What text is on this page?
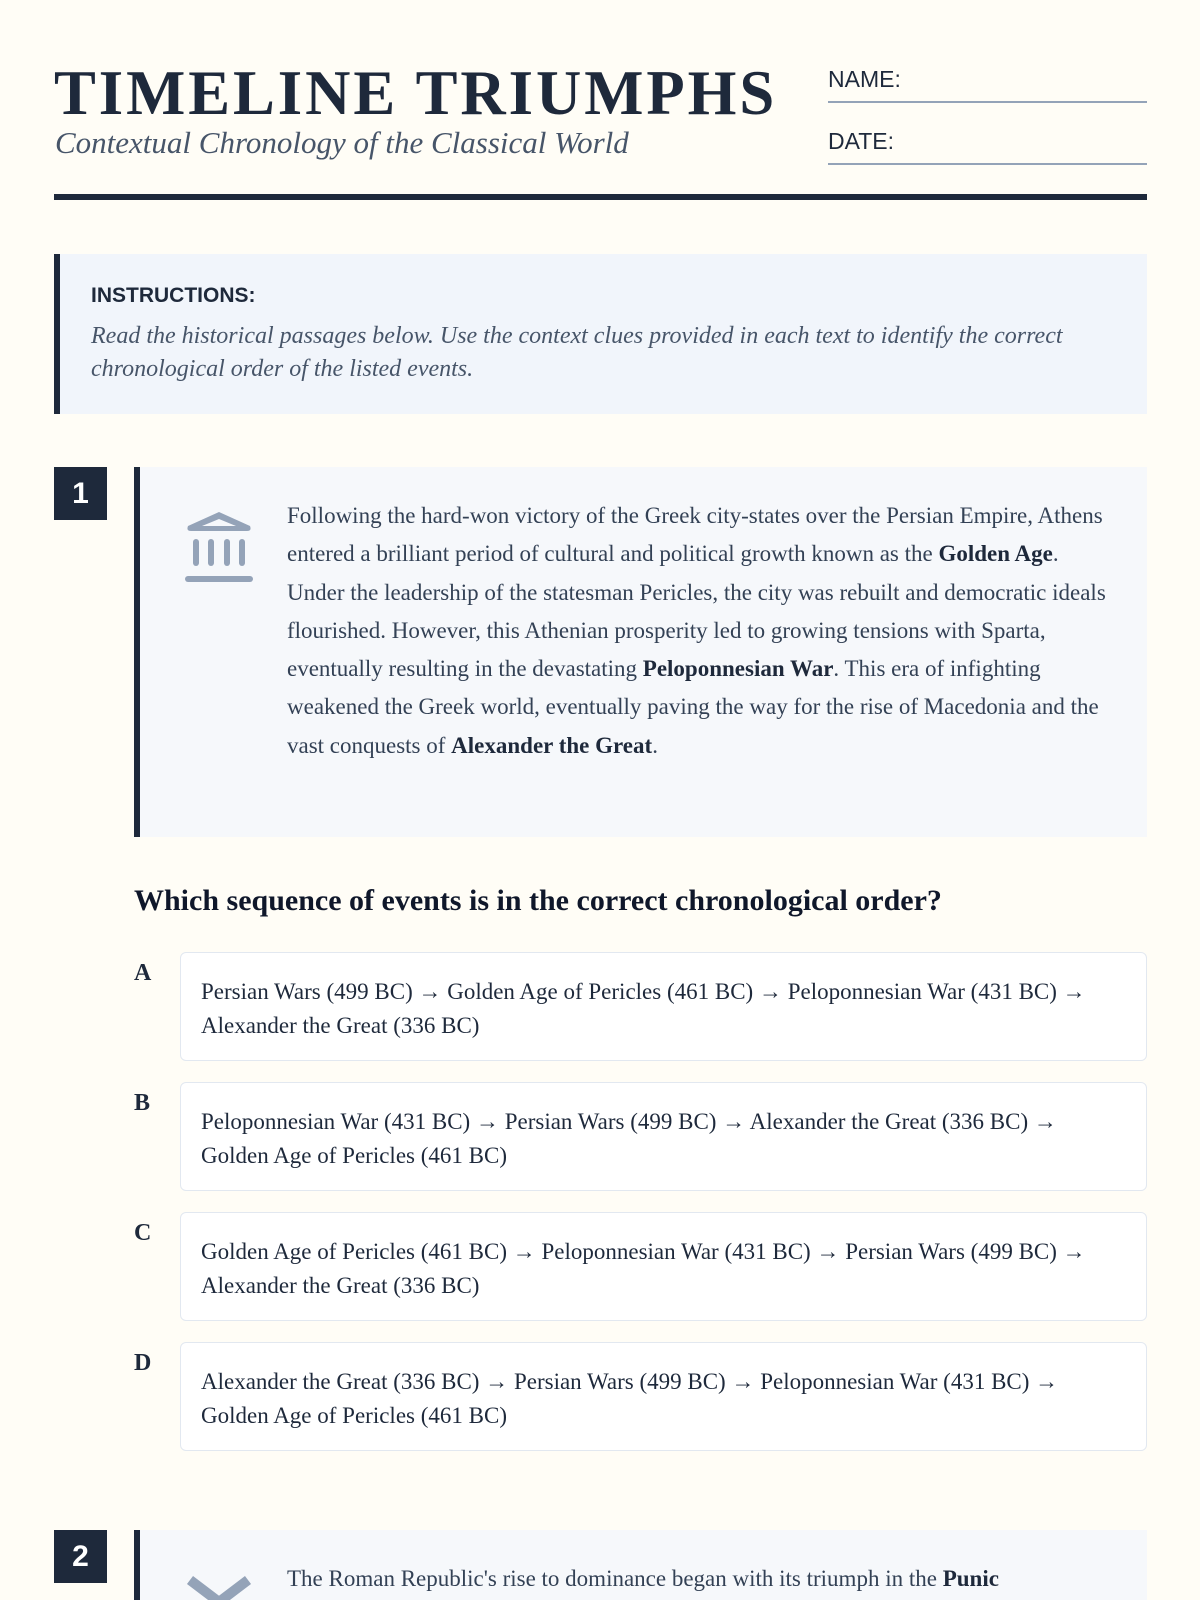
TIMELINE TRIUMPHS
Contextual Chronology of the Classical World
NAME:
DATE:
INSTRUCTIONS:

Read the historical passages below. Use the context clues provided in each text to identify the correct chronological order of the listed events.

1

Following the hard-won victory of the Greek city-states over the Persian Empire, Athens entered a brilliant period of cultural and political growth known as the Golden Age. Under the leadership of the statesman Pericles, the city was rebuilt and democratic ideals flourished. However, this Athenian prosperity led to growing tensions with Sparta, eventually resulting in the devastating Peloponnesian War. This era of infighting weakened the Greek world, eventually paving the way for the rise of Macedonia and the vast conquests of Alexander the Great.

Which sequence of events is in the correct chronological order?
A
Persian Wars (499 BC) → Golden Age of Pericles (461 BC) → Peloponnesian War (431 BC) → Alexander the Great (336 BC)
B
Peloponnesian War (431 BC) → Persian Wars (499 BC) → Alexander the Great (336 BC) → Golden Age of Pericles (461 BC)
C
Golden Age of Pericles (461 BC) → Peloponnesian War (431 BC) → Persian Wars (499 BC) → Alexander the Great (336 BC)
D
Alexander the Great (336 BC) → Persian Wars (499 BC) → Peloponnesian War (431 BC) → Golden Age of Pericles (461 BC)
2

The Roman Republic's rise to dominance began with its triumph in the Punic
